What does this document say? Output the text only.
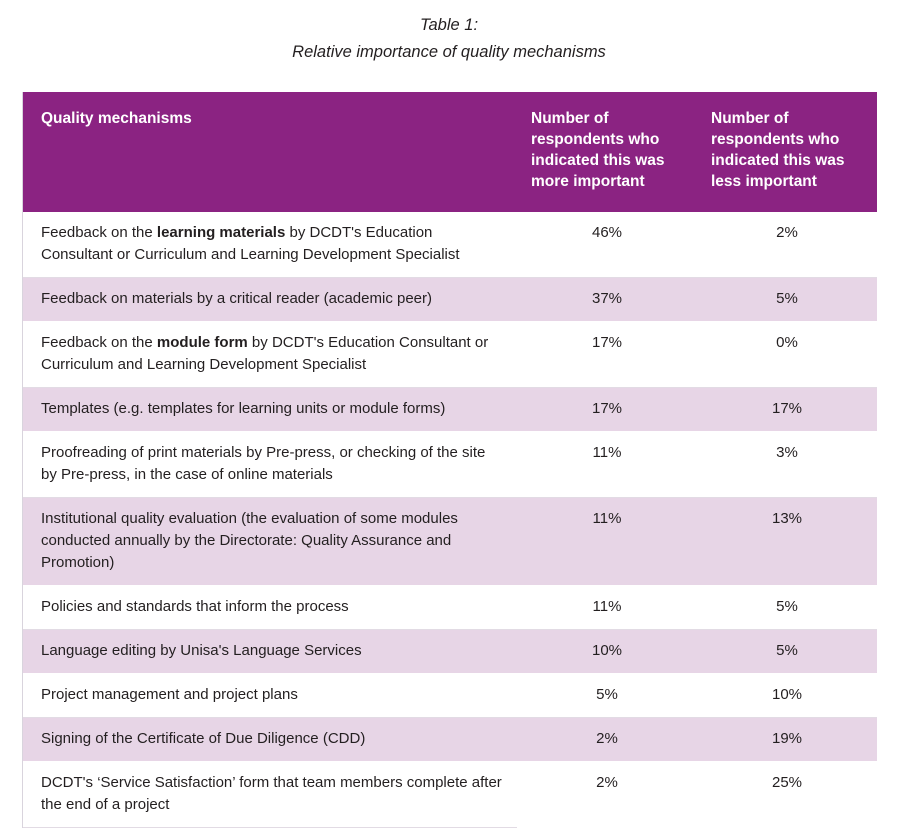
Table 1:
Relative importance of quality mechanisms
Quality mechanisms	Number of respondents who indicated this was more important	Number of respondents who indicated this was less important
Feedback on the learning materials by DCDT's Education Consultant or Curriculum and Learning Development Specialist	46%	2%
Feedback on materials by a critical reader (academic peer)	37%	5%
Feedback on the module form by DCDT's Education Consultant or Curriculum and Learning Development Specialist	17%	0%
Templates (e.g. templates for learning units or module forms)	17%	17%
Proofreading of print materials by Pre-press, or checking of the site by Pre-press, in the case of online materials	11%	3%
Institutional quality evaluation (the evaluation of some modules conducted annually by the Directorate: Quality Assurance and Promotion)	11%	13%
Policies and standards that inform the process	11%	5%
Language editing by Unisa's Language Services	10%	5%
Project management and project plans	5%	10%
Signing of the Certificate of Due Diligence (CDD)	2%	19%
DCDT's ‘Service Satisfaction’ form that team members complete after the end of a project	2%	25%
